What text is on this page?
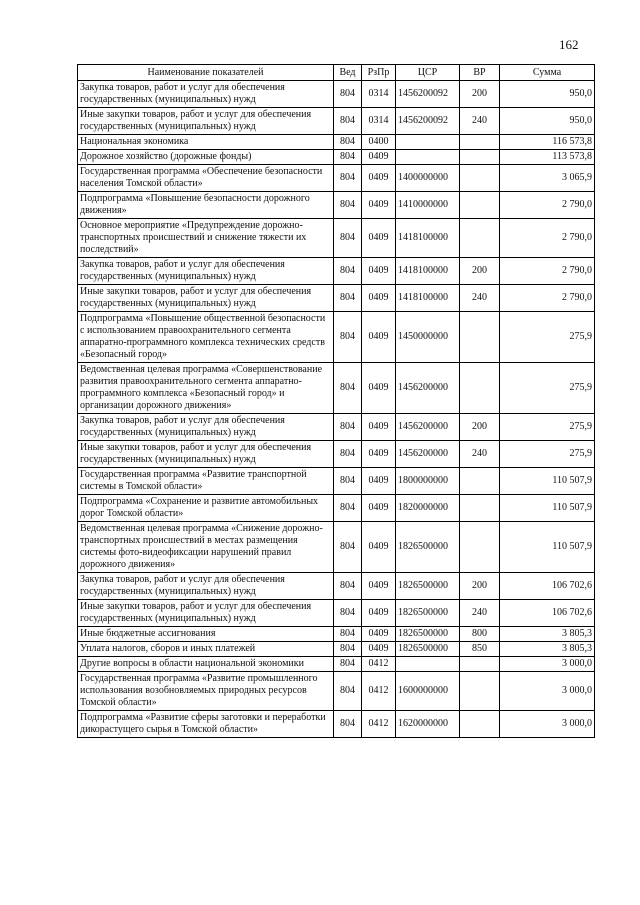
162
Наименование показателей	Вед	РзПр	ЦСР	ВР	Сумма
Закупка товаров, работ и услуг для обеспечения государственных (муниципальных) нужд	804	0314	1456200092	200	950,0
Иные закупки товаров, работ и услуг для обеспечения государственных (муниципальных) нужд	804	0314	1456200092	240	950,0
Национальная экономика	804	0400			116 573,8
Дорожное хозяйство (дорожные фонды)	804	0409			113 573,8
Государственная программа «Обеспечение безопасности населения Томской области»	804	0409	1400000000		3 065,9
Подпрограмма «Повышение безопасности дорожного движения»	804	0409	1410000000		2 790,0
Основное мероприятие «Предупреждение дорожно-транспортных происшествий и снижение тяжести их последствий»	804	0409	1418100000		2 790,0
Закупка товаров, работ и услуг для обеспечения государственных (муниципальных) нужд	804	0409	1418100000	200	2 790,0
Иные закупки товаров, работ и услуг для обеспечения государственных (муниципальных) нужд	804	0409	1418100000	240	2 790,0
Подпрограмма «Повышение общественной безопасности с использованием правоохранительного сегмента аппаратно-программного комплекса технических средств «Безопасный город»	804	0409	1450000000		275,9
Ведомственная целевая программа «Совершенствование развития правоохранительного сегмента аппаратно-программного комплекса «Безопасный город» и организации дорожного движения»	804	0409	1456200000		275,9
Закупка товаров, работ и услуг для обеспечения государственных (муниципальных) нужд	804	0409	1456200000	200	275,9
Иные закупки товаров, работ и услуг для обеспечения государственных (муниципальных) нужд	804	0409	1456200000	240	275,9
Государственная программа «Развитие транспортной системы в Томской области»	804	0409	1800000000		110 507,9
Подпрограмма «Сохранение и развитие автомобильных дорог Томской области»	804	0409	1820000000		110 507,9
Ведомственная целевая программа «Снижение дорожно-транспортных происшествий в местах размещения системы фото-видеофиксации нарушений правил дорожного движения»	804	0409	1826500000		110 507,9
Закупка товаров, работ и услуг для обеспечения государственных (муниципальных) нужд	804	0409	1826500000	200	106 702,6
Иные закупки товаров, работ и услуг для обеспечения государственных (муниципальных) нужд	804	0409	1826500000	240	106 702,6
Иные бюджетные ассигнования	804	0409	1826500000	800	3 805,3
Уплата налогов, сборов и иных платежей	804	0409	1826500000	850	3 805,3
Другие вопросы в области национальной экономики	804	0412			3 000,0
Государственная программа «Развитие промышленного использования возобновляемых природных ресурсов Томской области»	804	0412	1600000000		3 000,0
Подпрограмма «Развитие сферы заготовки и переработки дикорастущего сырья в Томской области»	804	0412	1620000000		3 000,0
